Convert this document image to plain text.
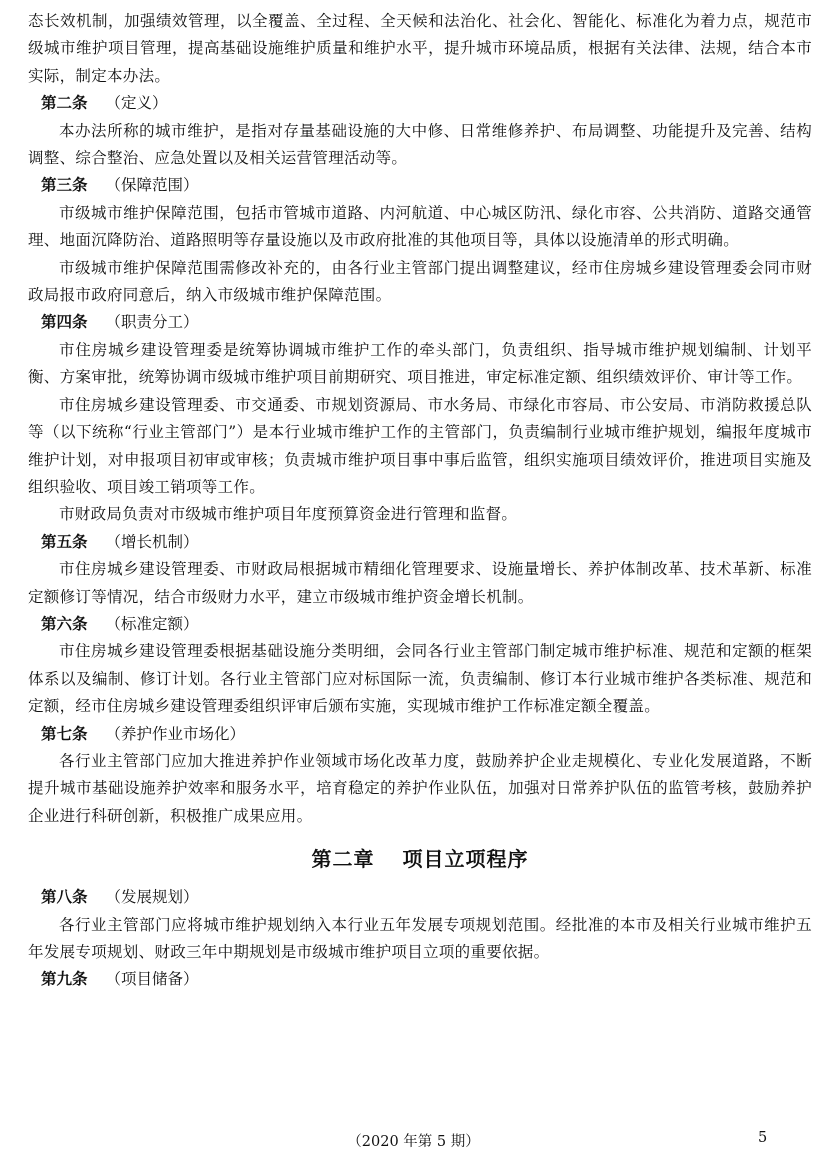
态长效机制，加强绩效管理，以全覆盖、全过程、全天候和法治化、社会化、智能化、标准化为着力点，规范市级城市维护项目管理，提高基础设施维护质量和维护水平，提升城市环境品质，根据有关法律、法规，结合本市实际，制定本办法。

第二条 （定义）

本办法所称的城市维护，是指对存量基础设施的大中修、日常维修养护、布局调整、功能提升及完善、结构调整、综合整治、应急处置以及相关运营管理活动等。

第三条 （保障范围）

市级城市维护保障范围，包括市管城市道路、内河航道、中心城区防汛、绿化市容、公共消防、道路交通管理、地面沉降防治、道路照明等存量设施以及市政府批准的其他项目等，具体以设施清单的形式明确。

市级城市维护保障范围需修改补充的，由各行业主管部门提出调整建议，经市住房城乡建设管理委会同市财政局报市政府同意后，纳入市级城市维护保障范围。

第四条 （职责分工）

市住房城乡建设管理委是统筹协调城市维护工作的牵头部门，负责组织、指导城市维护规划编制、计划平衡、方案审批，统筹协调市级城市维护项目前期研究、项目推进，审定标准定额、组织绩效评价、审计等工作。

市住房城乡建设管理委、市交通委、市规划资源局、市水务局、市绿化市容局、市公安局、市消防救援总队等（以下统称“行业主管部门”）是本行业城市维护工作的主管部门，负责编制行业城市维护规划，编报年度城市维护计划，对申报项目初审或审核；负责城市维护项目事中事后监管，组织实施项目绩效评价，推进项目实施及组织验收、项目竣工销项等工作。

市财政局负责对市级城市维护项目年度预算资金进行管理和监督。

第五条 （增长机制）

市住房城乡建设管理委、市财政局根据城市精细化管理要求、设施量增长、养护体制改革、技术革新、标准定额修订等情况，结合市级财力水平，建立市级城市维护资金增长机制。

第六条 （标准定额）

市住房城乡建设管理委根据基础设施分类明细，会同各行业主管部门制定城市维护标准、规范和定额的框架体系以及编制、修订计划。各行业主管部门应对标国际一流，负责编制、修订本行业城市维护各类标准、规范和定额，经市住房城乡建设管理委组织评审后颁布实施，实现城市维护工作标准定额全覆盖。

第七条 （养护作业市场化）

各行业主管部门应加大推进养护作业领域市场化改革力度，鼓励养护企业走规模化、专业化发展道路，不断提升城市基础设施养护效率和服务水平，培育稳定的养护作业队伍，加强对日常养护队伍的监管考核，鼓励养护企业进行科研创新，积极推广成果应用。

第二章 项目立项程序

第八条 （发展规划）

各行业主管部门应将城市维护规划纳入本行业五年发展专项规划范围。经批准的本市及相关行业城市维护五年发展专项规划、财政三年中期规划是市级城市维护项目立项的重要依据。

第九条 （项目储备）

（2020 年第 5 期）	5
